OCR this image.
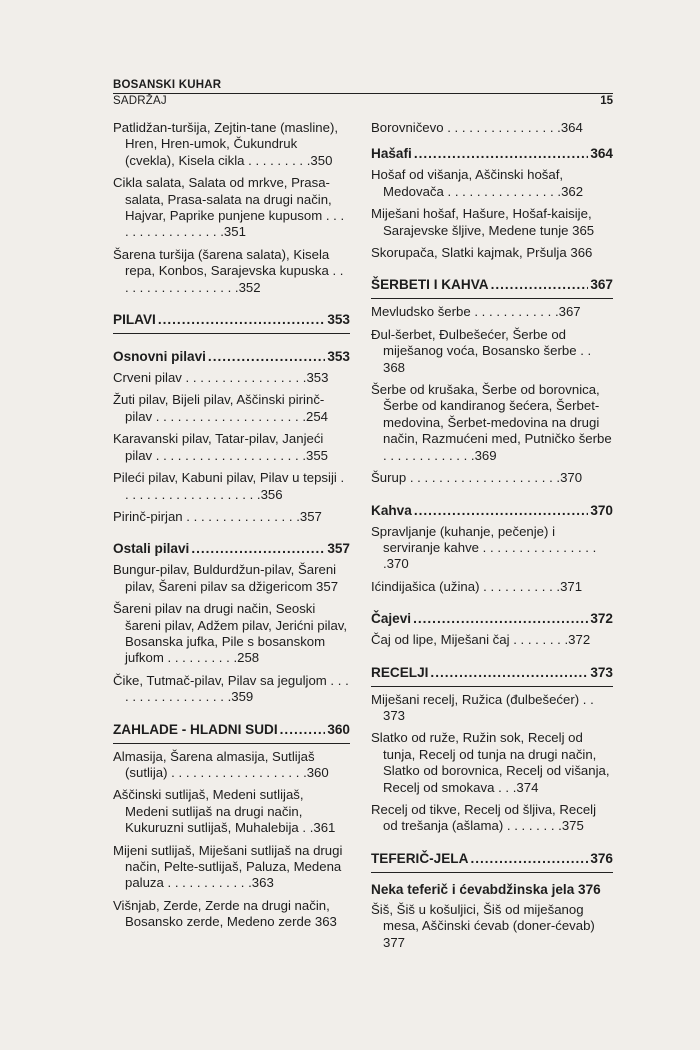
BOSANSKI KUHAR
SADRŽAJ	15
Patlidžan-turšija, Zejtin-tane (masline), Hren, Hren-umok, Čukundruk (cvekla), Kisela cikla . . . . . . . . .350
Cikla salata, Salata od mrkve, Prasa-salata, Prasa-salata na drugi način, Hajvar, Paprike punjene kupusom . . . . . . . . . . . . . . . . .351
Šarena turšija (šarena salata), Kisela repa, Konbos, Sarajevska kupuska . . . . . . . . . . . . . . . . . .352
PILAVI .....	353
Osnovni pilavi .....	353
Crveni pilav . . . . . . . . . . . . . . . . .353
Žuti pilav, Bijeli pilav, Aščinski pirinč-pilav . . . . . . . . . . . . . . . . . . . . .254
Karavanski pilav, Tatar-pilav, Janjeći pilav . . . . . . . . . . . . . . . . . . . . .355
Pileći pilav, Kabuni pilav, Pilav u tepsiji . . . . . . . . . . . . . . . . . . . .356
Pirinč-pirjan . . . . . . . . . . . . . . . .357
Ostali pilavi .....	357
Bungur-pilav, Buldurdžun-pilav, Šareni pilav, Šareni pilav sa džigericom 357
Šareni pilav na drugi način, Seoski šareni pilav, Adžem pilav, Jerićni pilav, Bosanska jufka, Pile s bosanskom jufkom . . . . . . . . . .258
Čike, Tutmač-pilav, Pilav sa jeguljom . . . . . . . . . . . . . . . . . .359
ZAHLADE - HLADNI SUDI .....	360
Almasija, Šarena almasija, Sutlijaš (sutlija) . . . . . . . . . . . . . . . . . . .360
Aščinski sutlijaš, Medeni sutlijaš, Medeni sutlijaš na drugi način, Kukuruzni sutlijaš, Muhalebija . .361
Mijeni sutlijaš, Miješani sutlijaš na drugi način, Pelte-sutlijaš, Paluza, Medena paluza . . . . . . . . . . . .363
Višnjab, Zerde, Zerde na drugi način, Bosansko zerde, Medeno zerde 363
Borovničevo . . . . . . . . . . . . . . . .364
Hašafi .....	364
Hošaf od višanja, Aščinski hošaf, Medovača . . . . . . . . . . . . . . . .362
Miješani hošaf, Hašure, Hošaf-kaisije, Sarajevske šljive, Medene tunje 365
Skorupača, Slatki kajmak, Pršulja 366
ŠERBETI I KAHVA .....	367
Mevludsko šerbe . . . . . . . . . . . .367
Đul-šerbet, Đulbešećer, Šerbe od miješanog voća, Bosansko šerbe . . 368
Šerbe od krušaka, Šerbe od borovnica, Šerbe od kandiranog šećera, Šerbet-medovina, Šerbet-medovina na drugi način, Razmućeni med, Putničko šerbe . . . . . . . . . . . . .369
Šurup . . . . . . . . . . . . . . . . . . . . .370
Kahva .....	370
Spravljanje (kuhanje, pečenje) i serviranje kahve . . . . . . . . . . . . . . . . .370
Ićindijašica (užina) . . . . . . . . . . .371
Čajevi .....	372
Čaj od lipe, Miješani čaj . . . . . . . .372
RECELJI .....	373
Miješani recelj, Ružica (đulbešećer) . . 373
Slatko od ruže, Ružin sok, Recelj od tunja, Recelj od tunja na drugi način, Slatko od borovnica, Recelj od višanja, Recelj od smokava . . .374
Recelj od tikve, Recelj od šljiva, Recelj od trešanja (ašlama) . . . . . . . .375
TEFERIČ-JELA .....	376
Neka teferič i ćevabdžinska jela 376
Šiš, Šiš u košuljici, Šiš od miješanog mesa, Aščinski ćevab (doner-ćevab) 377
